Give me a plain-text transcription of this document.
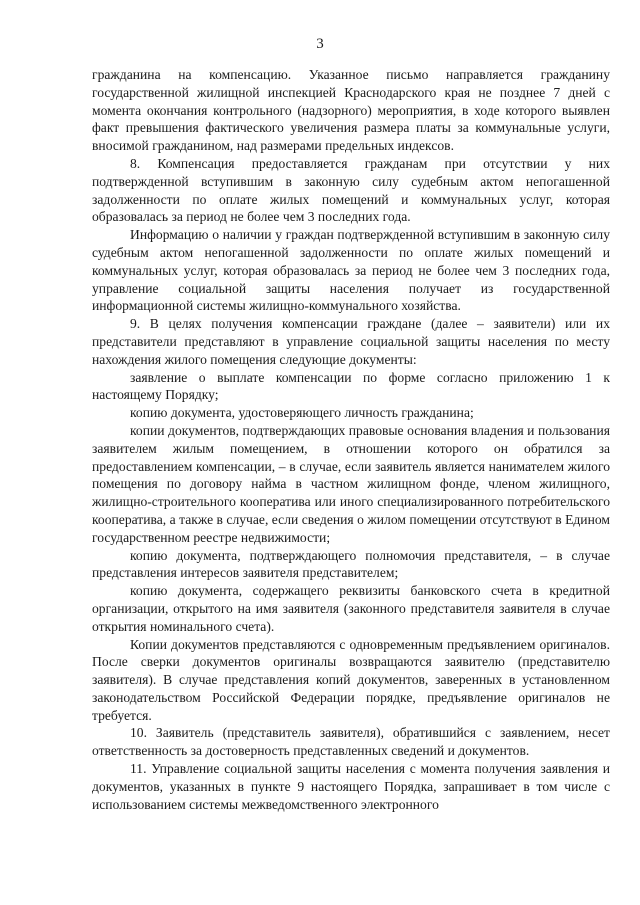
3

гражданина на компенсацию. Указанное письмо направляется гражданину государственной жилищной инспекцией Краснодарского края не позднее 7 дней с момента окончания контрольного (надзорного) мероприятия, в ходе которого выявлен факт превышения фактического увеличения размера платы за коммунальные услуги, вносимой гражданином, над размерами предельных индексов.

8. Компенсация предоставляется гражданам при отсутствии у них подтвержденной вступившим в законную силу судебным актом непогашенной задолженности по оплате жилых помещений и коммунальных услуг, которая образовалась за период не более чем 3 последних года.

Информацию о наличии у граждан подтвержденной вступившим в законную силу судебным актом непогашенной задолженности по оплате жилых помещений и коммунальных услуг, которая образовалась за период не более чем 3 последних года, управление социальной защиты населения получает из государственной информационной системы жилищно-коммунального хозяйства.

9. В целях получения компенсации граждане (далее – заявители) или их представители представляют в управление социальной защиты населения по месту нахождения жилого помещения следующие документы:

заявление о выплате компенсации по форме согласно приложению 1 к настоящему Порядку;

копию документа, удостоверяющего личность гражданина;

копии документов, подтверждающих правовые основания владения и пользования заявителем жилым помещением, в отношении которого он обратился за предоставлением компенсации, – в случае, если заявитель является нанимателем жилого помещения по договору найма в частном жилищном фонде, членом жилищного, жилищно-строительного кооператива или иного специализированного потребительского кооператива, а также в случае, если сведения о жилом помещении отсутствуют в Едином государственном реестре недвижимости;

копию документа, подтверждающего полномочия представителя, – в случае представления интересов заявителя представителем;

копию документа, содержащего реквизиты банковского счета в кредитной организации, открытого на имя заявителя (законного представителя заявителя в случае открытия номинального счета).

Копии документов представляются с одновременным предъявлением оригиналов. После сверки документов оригиналы возвращаются заявителю (представителю заявителя). В случае представления копий документов, заверенных в установленном законодательством Российской Федерации порядке, предъявление оригиналов не требуется.

10. Заявитель (представитель заявителя), обратившийся с заявлением, несет ответственность за достоверность представленных сведений и документов.

11. Управление социальной защиты населения с момента получения заявления и документов, указанных в пункте 9 настоящего Порядка, запрашивает в том числе с использованием системы межведомственного электронного
